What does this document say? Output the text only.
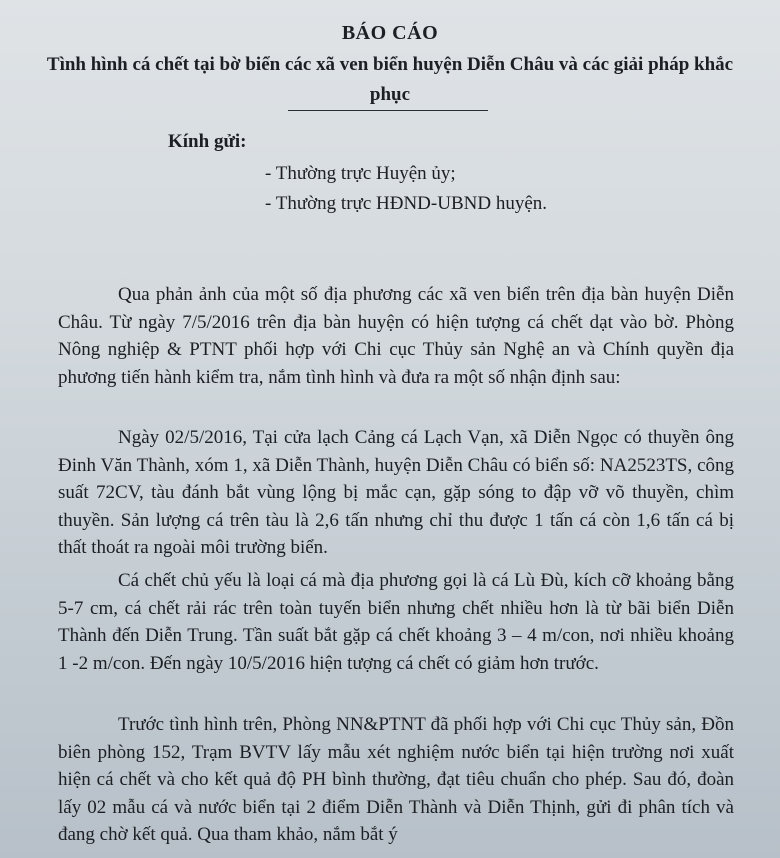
BÁO CÁO
Tình hình cá chết tại bờ biển các xã ven biển huyện Diễn Châu và các giải pháp khắc phục
Kính gửi:
- Thường trực Huyện ủy;
- Thường trực HĐND-UBND huyện.

Qua phản ảnh của một số địa phương các xã ven biển trên địa bàn huyện Diễn Châu. Từ ngày 7/5/2016 trên địa bàn huyện có hiện tượng cá chết dạt vào bờ. Phòng Nông nghiệp & PTNT phối hợp với Chi cục Thủy sản Nghệ an và Chính quyền địa phương tiến hành kiểm tra, nắm tình hình và đưa ra một số nhận định sau:

Ngày 02/5/2016, Tại cửa lạch Cảng cá Lạch Vạn, xã Diễn Ngọc có thuyền ông Đinh Văn Thành, xóm 1, xã Diễn Thành, huyện Diễn Châu có biển số: NA2523TS, công suất 72CV, tàu đánh bắt vùng lộng bị mắc cạn, gặp sóng to đập vỡ võ thuyền, chìm thuyền. Sản lượng cá trên tàu là 2,6 tấn nhưng chỉ thu được 1 tấn cá còn 1,6 tấn cá bị thất thoát ra ngoài môi trường biển.

Cá chết chủ yếu là loại cá mà địa phương gọi là cá Lù Đù, kích cỡ khoảng bằng 5-7 cm, cá chết rải rác trên toàn tuyến biển nhưng chết nhiều hơn là từ bãi biển Diễn Thành đến Diễn Trung. Tần suất bắt gặp cá chết khoảng 3 – 4 m/con, nơi nhiều khoảng 1 -2 m/con. Đến ngày 10/5/2016 hiện tượng cá chết có giảm hơn trước.

Trước tình hình trên, Phòng NN&PTNT đã phối hợp với Chi cục Thủy sản, Đồn biên phòng 152, Trạm BVTV lấy mẫu xét nghiệm nước biển tại hiện trường nơi xuất hiện cá chết và cho kết quả độ PH bình thường, đạt tiêu chuẩn cho phép. Sau đó, đoàn lấy 02 mẫu cá và nước biển tại 2 điểm Diễn Thành và Diễn Thịnh, gửi đi phân tích và đang chờ kết quả. Qua tham khảo, nắm bắt ý
